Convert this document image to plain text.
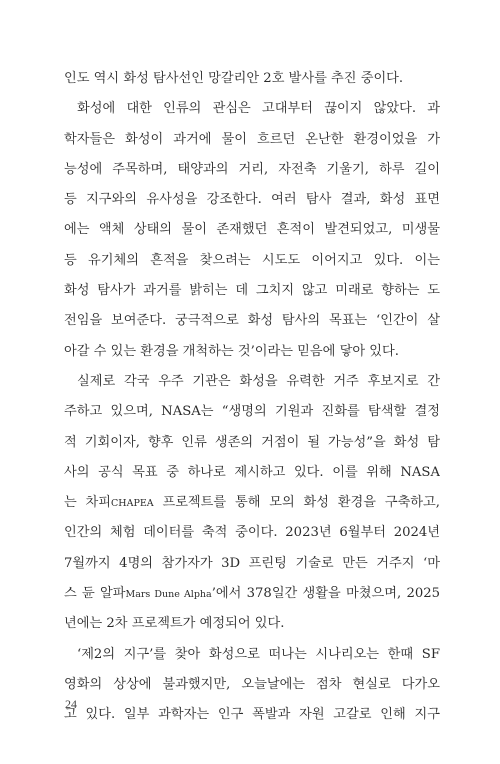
인도 역시 화성 탐사선인 망갈리안 2호 발사를 추진 중이다.
화성에 대한 인류의 관심은 고대부터 끊이지 않았다. 과
학자들은 화성이 과거에 물이 흐르던 온난한 환경이었을 가
능성에 주목하며, 태양과의 거리, 자전축 기울기, 하루 길이
등 지구와의 유사성을 강조한다. 여러 탐사 결과, 화성 표면
에는 액체 상태의 물이 존재했던 흔적이 발견되었고, 미생물
등 유기체의 흔적을 찾으려는 시도도 이어지고 있다. 이는
화성 탐사가 과거를 밝히는 데 그치지 않고 미래로 향하는 도
전임을 보여준다. 궁극적으로 화성 탐사의 목표는 ‘인간이 살
아갈 수 있는 환경을 개척하는 것’이라는 믿음에 닿아 있다.
실제로 각국 우주 기관은 화성을 유력한 거주 후보지로 간
주하고 있으며, NASA는 “생명의 기원과 진화를 탐색할 결정
적 기회이자, 향후 인류 생존의 거점이 될 가능성”을 화성 탐
사의 공식 목표 중 하나로 제시하고 있다. 이를 위해 NASA
는 차피CHAPEA 프로젝트를 통해 모의 화성 환경을 구축하고,
인간의 체험 데이터를 축적 중이다. 2023년 6월부터 2024년
7월까지 4명의 참가자가 3D 프린팅 기술로 만든 거주지 ‘마
스 듄 알파Mars Dune Alpha’에서 378일간 생활을 마쳤으며, 2025
년에는 2차 프로젝트가 예정되어 있다.
‘제2의 지구’를 찾아 화성으로 떠나는 시나리오는 한때 SF
영화의 상상에 불과했지만, 오늘날에는 점차 현실로 다가오
고 있다. 일부 과학자는 인구 폭발과 자원 고갈로 인해 지구
24
